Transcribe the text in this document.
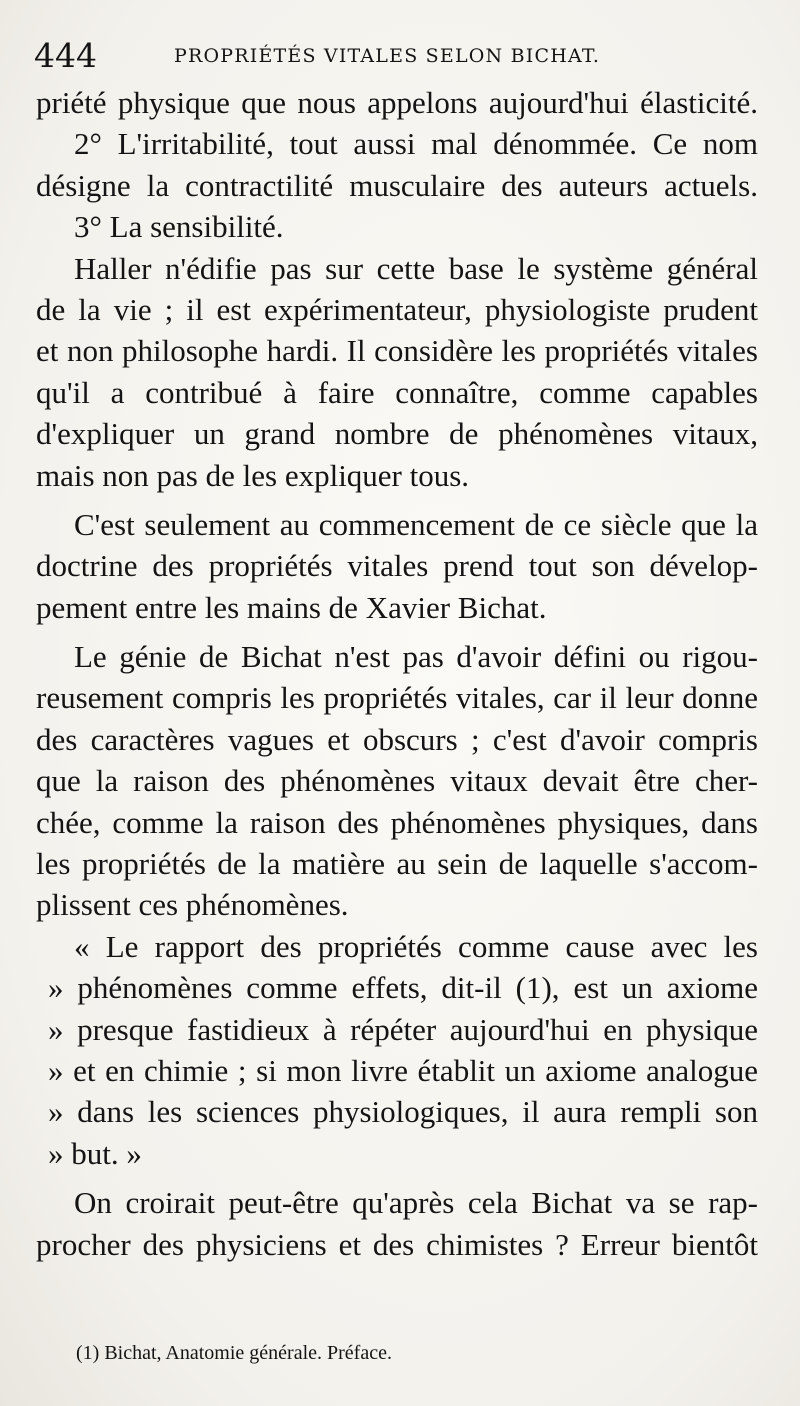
444	PROPRIÉTÉS VITALES SELON BICHAT.
priété physique que nous appelons aujourd'hui élasticité.
2° L'irritabilité, tout aussi mal dénommée. Ce nom
désigne la contractilité musculaire des auteurs actuels.
3° La sensibilité.
Haller n'édifie pas sur cette base le système général
de la vie ; il est expérimentateur, physiologiste prudent
et non philosophe hardi. Il considère les propriétés vitales
qu'il a contribué à faire connaître, comme capables
d'expliquer un grand nombre de phénomènes vitaux,
mais non pas de les expliquer tous.
C'est seulement au commencement de ce siècle que la
doctrine des propriétés vitales prend tout son dévelop-
pement entre les mains de Xavier Bichat.
Le génie de Bichat n'est pas d'avoir défini ou rigou-
reusement compris les propriétés vitales, car il leur donne
des caractères vagues et obscurs ; c'est d'avoir compris
que la raison des phénomènes vitaux devait être cher-
chée, comme la raison des phénomènes physiques, dans
les propriétés de la matière au sein de laquelle s'accom-
plissent ces phénomènes.
« Le rapport des propriétés comme cause avec les
» phénomènes comme effets, dit-il (1), est un axiome
» presque fastidieux à répéter aujourd'hui en physique
» et en chimie ; si mon livre établit un axiome analogue
» dans les sciences physiologiques, il aura rempli son
» but. »
On croirait peut-être qu'après cela Bichat va se rap-
procher des physiciens et des chimistes ? Erreur bientôt
(1) Bichat, Anatomie générale. Préface.
